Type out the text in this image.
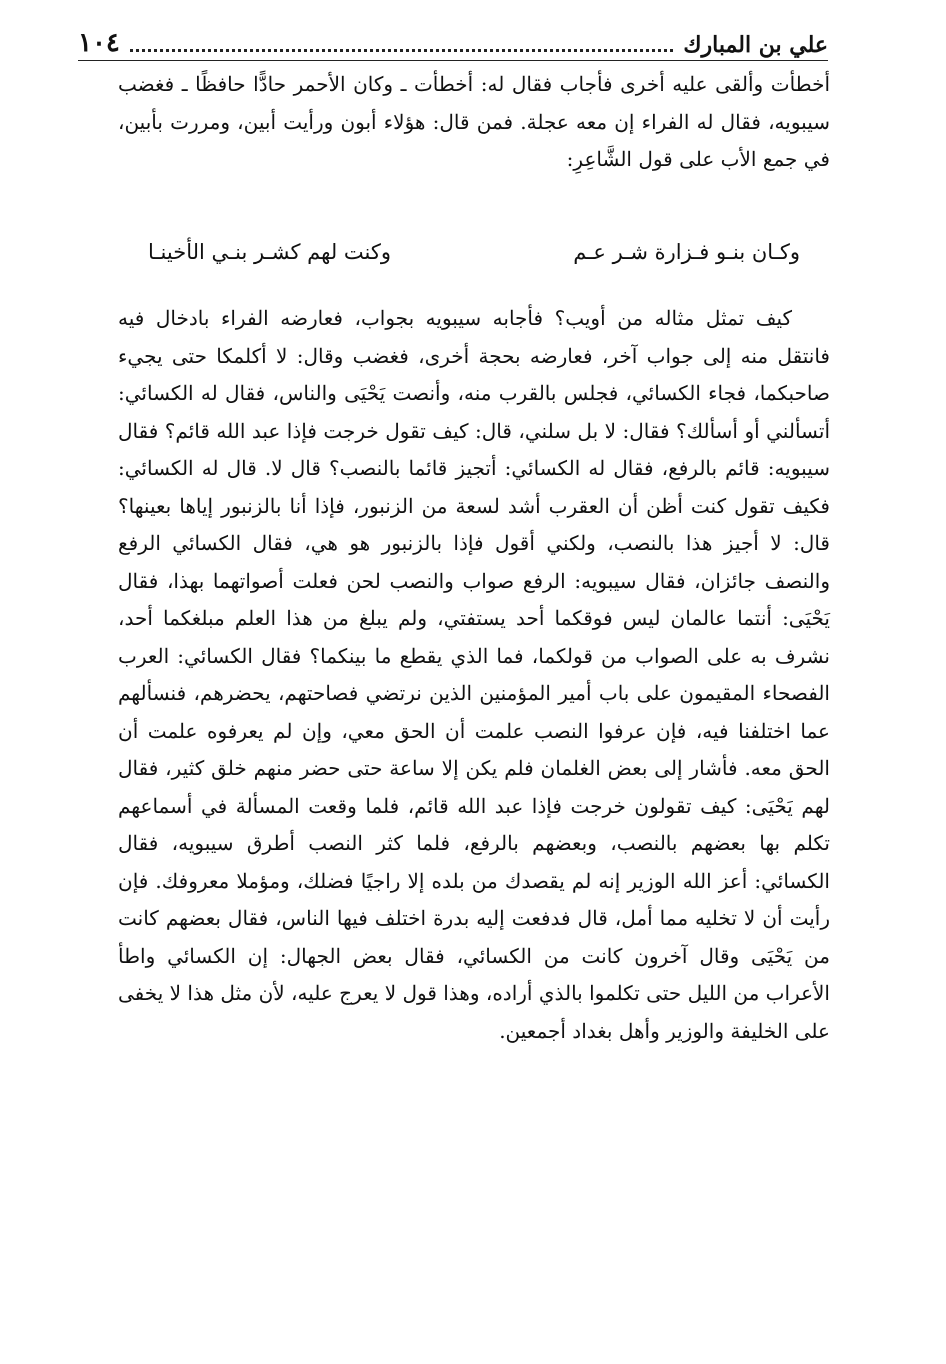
علي بن المبارك
١٠٤

أخطأت وألقى عليه أخرى فأجاب فقال له: أخطأت ـ وكان الأحمر حادًّا حافظًا ـ فغضب سيبويه، فقال له الفراء إن معه عجلة. فمن قال: هؤلاء أبون ورأيت أبين، ومررت بأبين، في جمع الأب على قول الشَّاعِرِ:

وكـان بنـو فـزارة شـر عـم
وكنت لهم كشـر بنـي الأخينـا

كيف تمثل مثاله من أويب؟ فأجابه سيبويه بجواب، فعارضه الفراء بادخال فيه فانتقل منه إلى جواب آخر، فعارضه بحجة أخرى، فغضب وقال: لا أكلمكا حتى يجيء صاحبكما، فجاء الكسائي، فجلس بالقرب منه، وأنصت يَحْيَى والناس، فقال له الكسائي: أتسألني أو أسألك؟ فقال: لا بل سلني، قال: كيف تقول خرجت فإذا عبد الله قائم؟ فقال سيبويه: قائم بالرفع، فقال له الكسائي: أتجيز قائما بالنصب؟ قال لا. قال له الكسائي: فكيف تقول كنت أظن أن العقرب أشد لسعة من الزنبور، فإذا أنا بالزنبور إياها بعينها؟ قال: لا أجيز هذا بالنصب، ولكني أقول فإذا بالزنبور هو هي، فقال الكسائي الرفع والنصف جائزان، فقال سيبويه: الرفع صواب والنصب لحن فعلت أصواتهما بهذا، فقال يَحْيَى: أنتما عالمان ليس فوقكما أحد يستفتي، ولم يبلغ من هذا العلم مبلغكما أحد، نشرف به على الصواب من قولكما، فما الذي يقطع ما بينكما؟ فقال الكسائي: العرب الفصحاء المقيمون على باب أمير المؤمنين الذين نرتضي فصاحتهم، يحضرهم، فنسألهم عما اختلفنا فيه، فإن عرفوا النصب علمت أن الحق معي، وإن لم يعرفوه علمت أن الحق معه. فأشار إلى بعض الغلمان فلم يكن إلا ساعة حتى حضر منهم خلق كثير، فقال لهم يَحْيَى: كيف تقولون خرجت فإذا عبد الله قائم، فلما وقعت المسألة في أسماعهم تكلم بها بعضهم بالنصب، وبعضهم بالرفع، فلما كثر النصب أطرق سيبويه، فقال الكسائي: أعز الله الوزير إنه لم يقصدك من بلده إلا راجيًا فضلك، ومؤملا معروفك. فإن رأيت أن لا تخليه مما أمل، قال فدفعت إليه بدرة اختلف فيها الناس، فقال بعضهم كانت من يَحْيَى وقال آخرون كانت من الكسائي، فقال بعض الجهال: إن الكسائي واطأ الأعراب من الليل حتى تكلموا بالذي أراده، وهذا قول لا يعرج عليه، لأن مثل هذا لا يخفى على الخليفة والوزير وأهل بغداد أجمعين.
